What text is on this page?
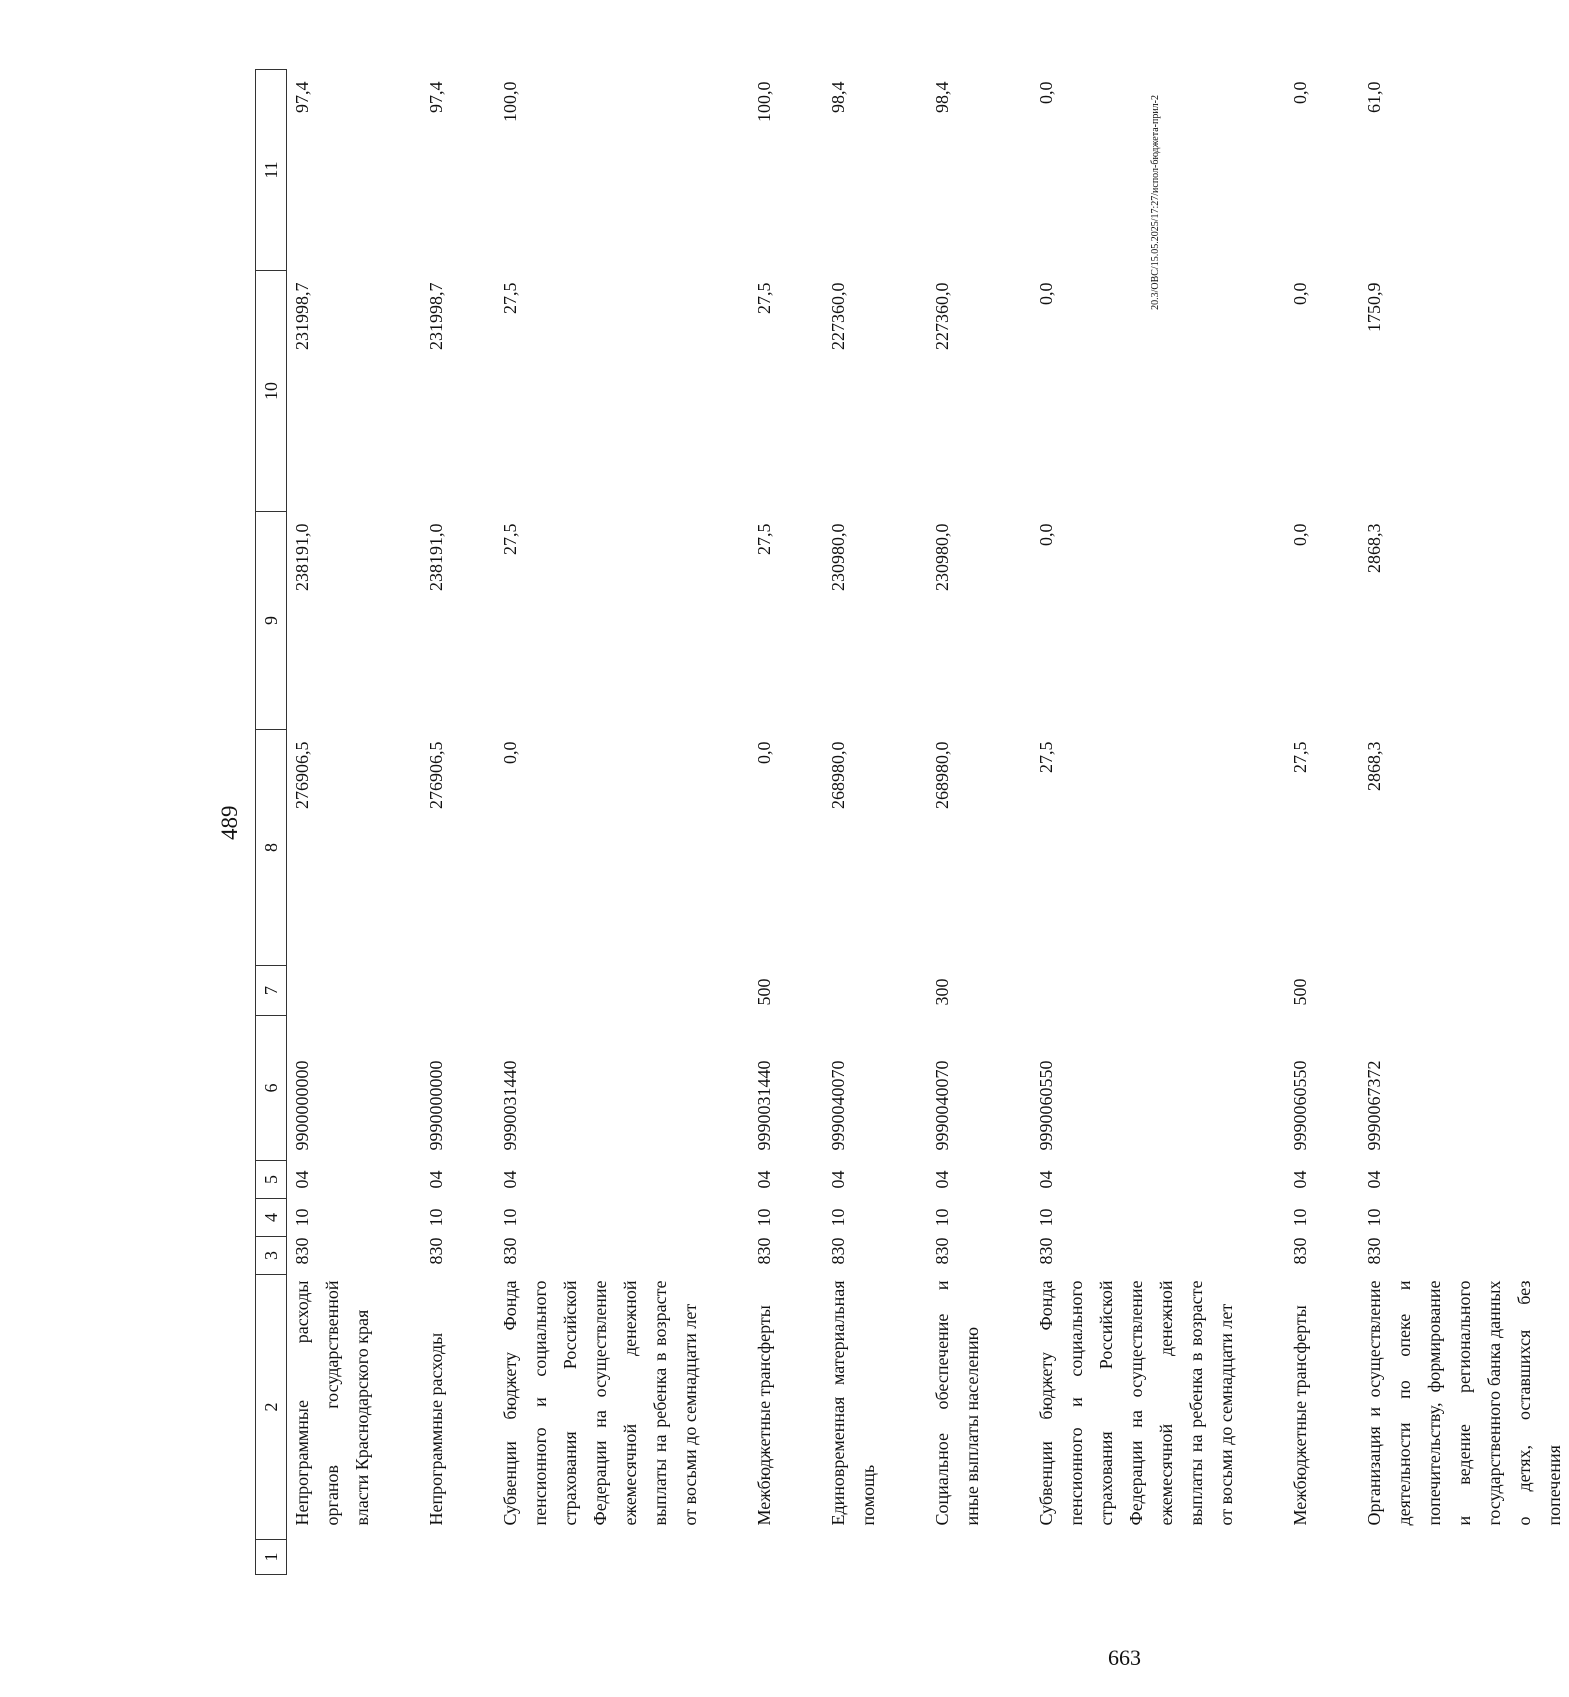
489
1	2	3	4	5	6	7	8	9	10	11
	Непрограммные расходы органов государственной власти Краснодарского края	830	10	04	9900000000		276906,5	238191,0	231998,7	97,4

	Непрограммные расходы	830	10	04	9990000000		276906,5	238191,0	231998,7	97,4

	Субвенции бюджету Фонда пенсионного и социального страхования Российской Федерации на осуществление ежемесячной денежной выплаты на ребенка в возрасте от восьми до семнадцати лет	830	10	04	9990031440		0,0	27,5	27,5	100,0

	Межбюджетные трансферты	830	10	04	9990031440	500	0,0	27,5	27,5	100,0

	Единовременная материальная помощь	830	10	04	9990040070		268980,0	230980,0	227360,0	98,4

	Социальное обеспечение и иные выплаты населению	830	10	04	9990040070	300	268980,0	230980,0	227360,0	98,4

	Субвенции бюджету Фонда пенсионного и социального страхования Российской Федерации на осуществление ежемесячной денежной выплаты на ребенка в возрасте от восьми до семнадцати лет	830	10	04	9990060550		27,5	0,0	0,0	0,0

	Межбюджетные трансферты	830	10	04	9990060550	500	27,5	0,0	0,0	0,0

	Организация и осуществление деятельности по опеке и попечительству, формирование и ведение регионального государственного банка данных о детях, оставшихся без попечения	830	10	04	9990067372		2868,3	2868,3	1750,9	61,0
20.3/OBC/15.05.2025/17:27/испол-бюджета-прил-2
663
